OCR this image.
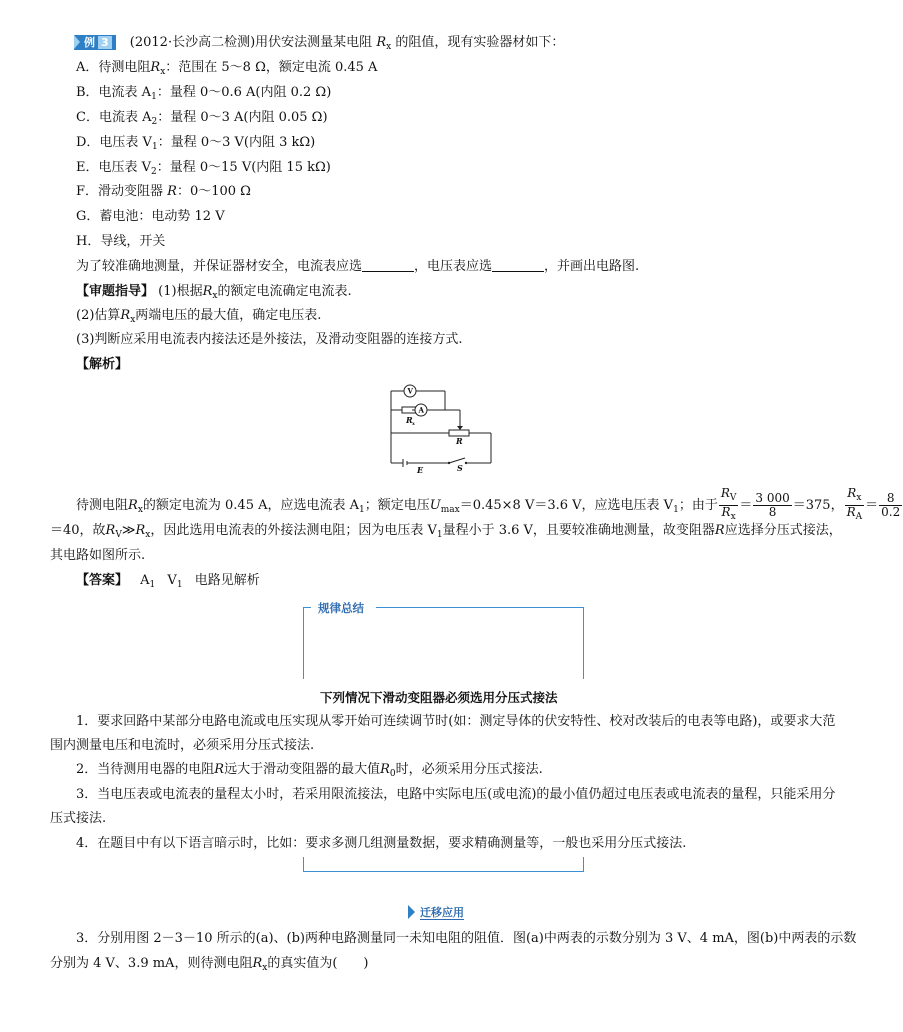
例 3 (2012·长沙高二检测)用伏安法测量某电阻 $R_x$ 的阻值，现有实验器材如下：
A．待测电阻$R_x$：范围在 5～8 Ω，额定电流 0.45 A
B．电流表 $A_1$：量程 0～0.6 A(内阻 0.2 Ω)
C．电流表 $A_2$：量程 0～3 A(内阻 0.05 Ω)
D．电压表 $V_1$：量程 0～3 V(内阻 3 kΩ)
E．电压表 $V_2$：量程 0～15 V(内阻 15 kΩ)
F．滑动变阻器 R：0～100 Ω
G．蓄电池：电动势 12 V
H．导线，开关
为了较准确地测量，并保证器材安全，电流表应选	，电压表应选	，并画出电路图.
【审题指导】 (1)根据$R_x$的额定电流确定电流表.
(2)估算$R_x$两端电压的最大值，确定电压表.
(3)判断应采用电流表内接法还是外接法，及滑动变阻器的连接方式.
【解析】
V
A
R x
R
E	S
待测电阻$R_x$的额定电流为 0.45 A，应选电流表 $A_1$；额定电压$U_{max}=0.45\times 8$ V＝3.6 V，应选电压表 $V_1$；由于 $\frac{R_V}{R_x} = \frac{3 000}{8} =375$， $\frac{R_x}{R_A} = \frac{8}{0.2}$
＝40，故$R_V≫R_x$，因此选用电流表的外接法测电阻；因为电压表 $V_1$量程小于 3.6 V，且要较准确地测量，故变阻器R应选择分压式接法，
其电路如图所示.
【答案】 $A_1$ $V_1$ 电路见解析
规律总结
下列情况下滑动变阻器必须选用分压式接法
1．要求回路中某部分电路电流或电压实现从零开始可连续调节时(如：测定导体的伏安特性、校对改装后的电表等电路)，或要求大范
围内测量电压和电流时，必须采用分压式接法.
2．当待测用电器的电阻R远大于滑动变阻器的最大值$R_0$时，必须采用分压式接法.
3．当电压表或电流表的量程太小时，若采用限流接法，电路中实际电压(或电流)的最小值仍超过电压表或电流表的量程，只能采用分
压式接法.
4．在题目中有以下语言暗示时，比如：要求多测几组测量数据，要求精确测量等，一般也采用分压式接法.
迁移应用
3．分别用图 2－3－10 所示的(a)、(b)两种电路测量同一未知电阻的阻值．图(a)中两表的示数分别为 3 V、4 mA，图(b)中两表的示数
分别为 4 V、3.9 mA，则待测电阻$R_x$的真实值为(　　)
